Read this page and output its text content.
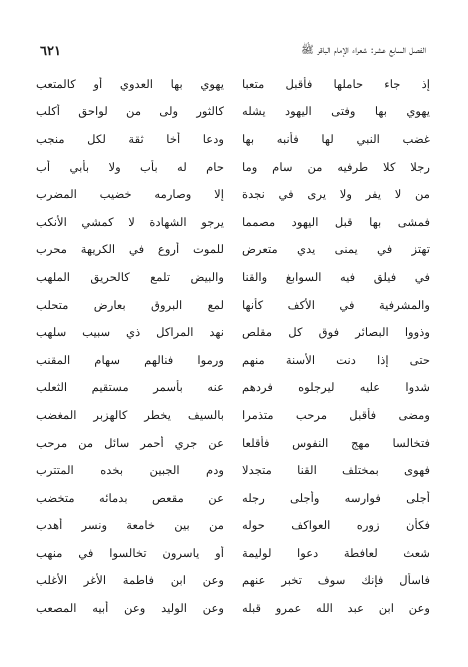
الفصل السابع عشر: شعراء الإمام الباقر ﷺ
٦٢١
إذ جاء حاملها فأقبل متعبا
يهوي بها العدوي أو كالمتعب
يهوي بها وفتى اليهود يشله
كالثور ولى من لواحق أكلب
غضب النبي لها فأنبه بها
ودعا أخا ثقة لكل منجب
رجلا كلا طرفيه من سام وما
حام له بأب ولا بأبي أب
من لا يفر ولا يرى في نجدة
إلا وصارمه خضيب المضرب
فمشى بها قبل اليهود مصمما
يرجو الشهادة لا كمشي الأنكب
تهتز في يمنى يدي متعرض
للموت أروع في الكريهة محرب
في فيلق فيه السوابغ والقنا
والبيض تلمع كالحريق الملهب
والمشرفية في الأكف كأنها
لمع البروق بعارض متحلب
وذووا البصائر فوق كل مقلص
نهد المراكل ذي سبيب سلهب
حتى إذا دنت الأسنة منهم
ورموا فنالهم سهام المقنب
شدوا عليه ليرجلوه فردهم
عنه بأسمر مستقيم الثعلب
ومضى فأقبل مرحب متذمرا
بالسيف يخطر كالهزبر المغضب
فتخالسا مهج النفوس فأقلعا
عن جري أحمر سائل من مرحب
فهوى بمختلف القنا متجدلا
ودم الجبين بخده المتترب
أجلى فوارسه وأجلى رجله
عن مقعص بدمائه متخضب
فكأن زوره العواكف حوله
من بين خامعة ونسر أهدب
شعث لعافطة دعوا لوليمة
أو ياسرون تخالسوا في منهب
فاسأل فإنك سوف تخبر عنهم
وعن ابن فاطمة الأغر الأغلب
وعن ابن عبد الله عمرو قبله
وعن الوليد وعن أبيه المصعب
